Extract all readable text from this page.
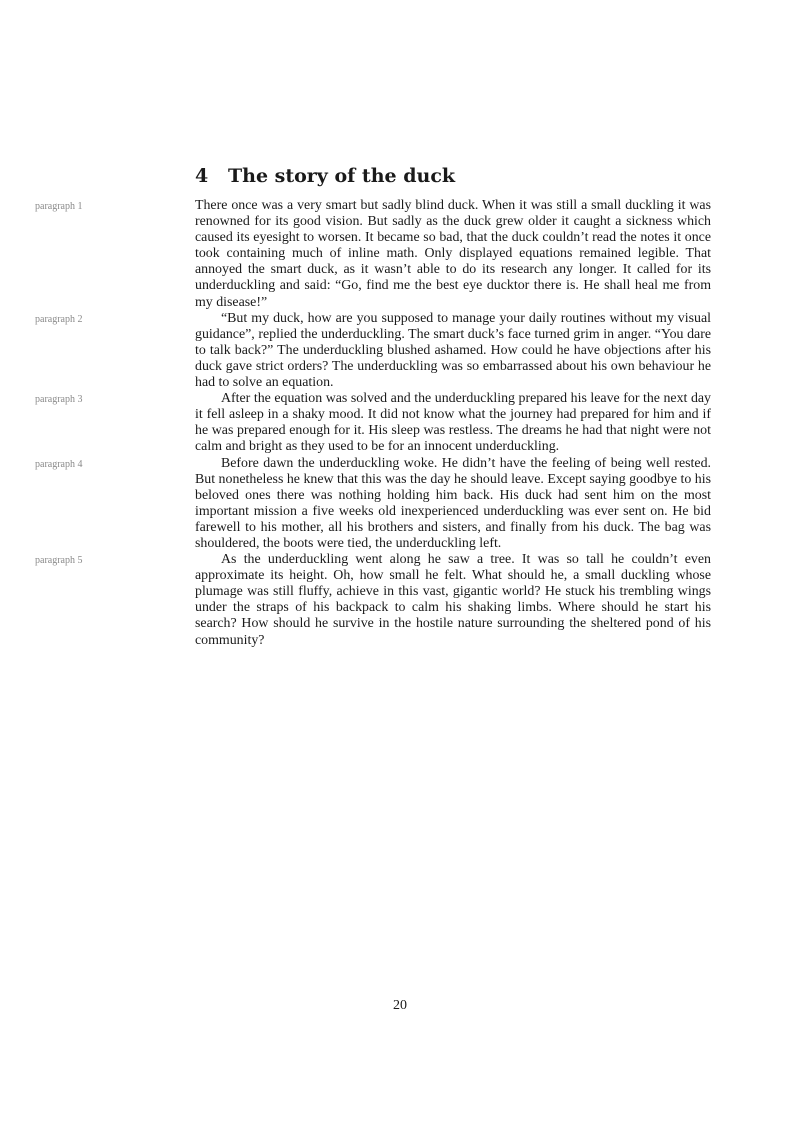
4 The story of the duck

paragraph 1	There once was a very smart but sadly blind duck. When it was still a small duckling it was renowned for its good vision. But sadly as the duck grew older it caught a sickness which caused its eyesight to worsen. It became so bad, that the duck couldn’t read the notes it once took containing much of inline math. Only displayed equations remained legible. That annoyed the smart duck, as it wasn’t able to do its research any longer. It called for its underduckling and said: “Go, find me the best eye ducktor there is. He shall heal me from my disease!”

paragraph 2	“But my duck, how are you supposed to manage your daily routines without my visual guidance”, replied the underduckling. The smart duck’s face turned grim in anger. “You dare to talk back?” The underduckling blushed ashamed. How could he have objections after his duck gave strict orders? The underduckling was so embarrassed about his own behaviour he had to solve an equation.

paragraph 3	After the equation was solved and the underduckling prepared his leave for the next day it fell asleep in a shaky mood. It did not know what the journey had prepared for him and if he was prepared enough for it. His sleep was restless. The dreams he had that night were not calm and bright as they used to be for an innocent underduckling.

paragraph 4	Before dawn the underduckling woke. He didn’t have the feeling of being well rested. But nonetheless he knew that this was the day he should leave. Except saying goodbye to his beloved ones there was nothing holding him back. His duck had sent him on the most important mission a five weeks old inexperienced underduckling was ever sent on. He bid farewell to his mother, all his brothers and sisters, and finally from his duck. The bag was shouldered, the boots were tied, the underduckling left.

paragraph 5	As the underduckling went along he saw a tree. It was so tall he couldn’t even approximate its height. Oh, how small he felt. What should he, a small duckling whose plumage was still fluffy, achieve in this vast, gigantic world? He stuck his trembling wings under the straps of his backpack to calm his shaking limbs. Where should he start his search? How should he survive in the hostile nature surrounding the sheltered pond of his community?

20
